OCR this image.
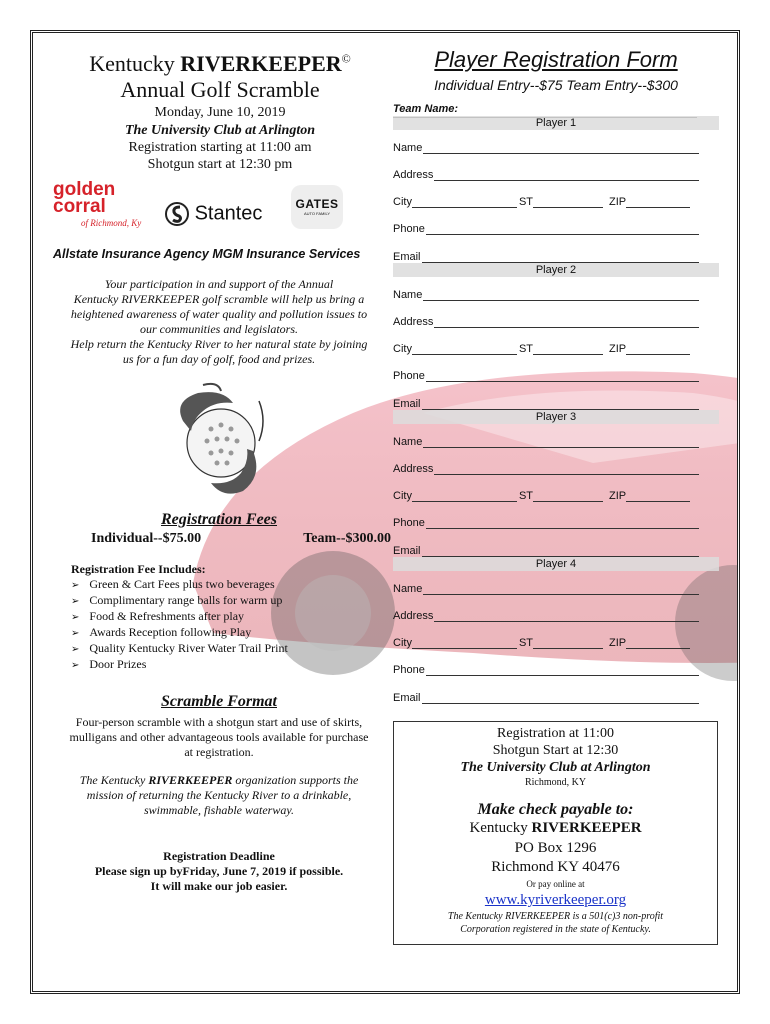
Kentucky RIVERKEEPER©
Annual Golf Scramble
Monday, June 10, 2019
The University Club at Arlington
Registration starting at 11:00 am
Shotgun start at 12:30 pm
golden
corral
of Richmond, Ky	Stantec	GATES
AUTO FAMILY
Allstate Insurance Agency MGM Insurance Services
Your participation in and support of the Annual
Kentucky RIVERKEEPER golf scramble will help us bring a
heightened awareness of water quality and pollution issues to
our communities and legislators.
Help return the Kentucky River to her natural state by joining
us for a fun day of golf, food and prizes.
Registration Fees
Individual--$75.00	Team--$300.00
Registration Fee Includes:
➢ Green & Cart Fees plus two beverages
➢ Complimentary range balls for warm up
➢ Food & Refreshments after play
➢ Awards Reception following Play
➢ Quality Kentucky River Water Trail Print
➢ Door Prizes
Scramble Format
Four-person scramble with a shotgun start and use of skirts,
mulligans and other advantageous tools available for purchase
at registration.
The Kentucky RIVERKEEPER organization supports the
mission of returning the Kentucky River to a drinkable,
swimmable, fishable waterway.
Registration Deadline
Please sign up byFriday, June 7, 2019 if possible.
It will make our job easier.
Player Registration Form
Individual Entry--$75 Team Entry--$300
Team Name:
Registration at 11:00
Shotgun Start at 12:30
The University Club at Arlington
Richmond, KY
Make check payable to:
Kentucky RIVERKEEPER
PO Box 1296
Richmond KY 40476
Or pay online at
www.kyriverkeeper.org
The Kentucky RIVERKEEPER is a 501(c)3 non-profit
Corporation registered in the state of Kentucky.
Player 1
Name
Address
City	ST	ZIP
Phone
Email
Player 2
Name
Address
City	ST	ZIP
Phone
Email
Player 3
Name
Address
City	ST	ZIP
Phone
Email
Player 4
Name
Address
City	ST	ZIP
Phone
Email
